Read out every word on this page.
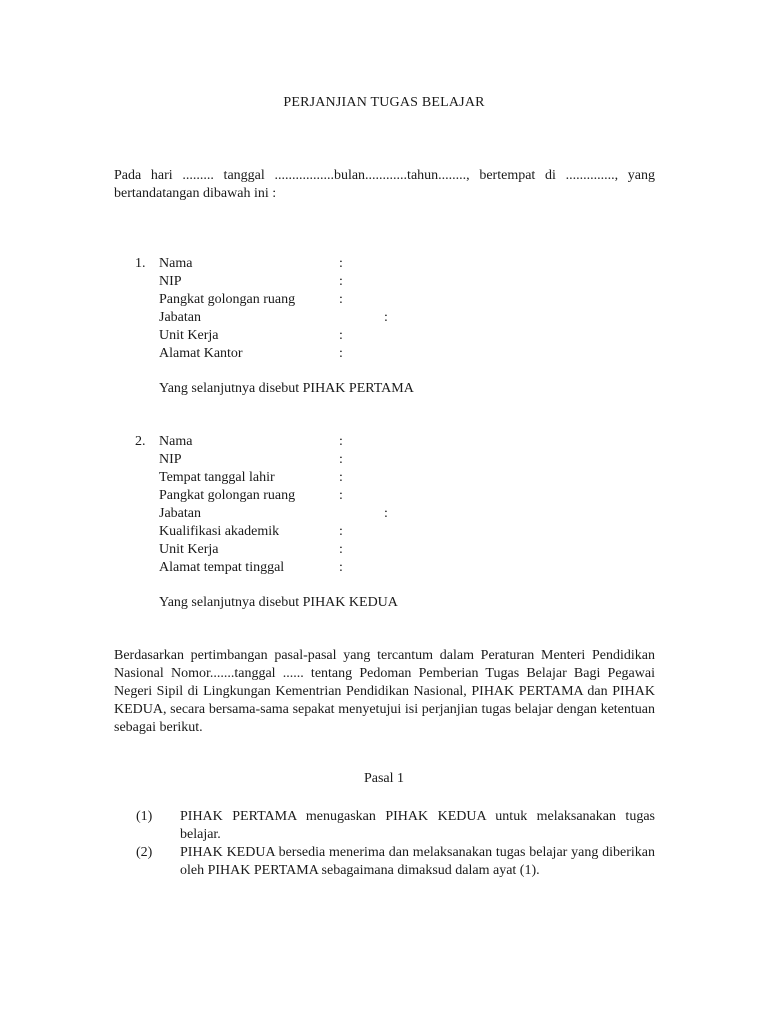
PERJANJIAN TUGAS BELAJAR
Pada hari ......... tanggal .................bulan............tahun........, bertempat di .............., yang bertandatangan dibawah ini :
1. Nama	:
NIP	:
Pangkat golongan ruang	:
Jabatan	:
Unit Kerja	:
Alamat Kantor	:
Yang selanjutnya disebut PIHAK PERTAMA
2. Nama	:
NIP	:
Tempat tanggal lahir	:
Pangkat golongan ruang	:
Jabatan	:
Kualifikasi akademik	:
Unit Kerja	:
Alamat tempat tinggal	:
Yang selanjutnya disebut PIHAK KEDUA
Berdasarkan pertimbangan pasal-pasal yang tercantum dalam Peraturan Menteri Pendidikan Nasional Nomor.......tanggal ...... tentang Pedoman Pemberian Tugas Belajar Bagi Pegawai Negeri Sipil di Lingkungan Kementrian Pendidikan Nasional, PIHAK PERTAMA dan PIHAK KEDUA, secara bersama-sama sepakat menyetujui isi perjanjian tugas belajar dengan ketentuan sebagai berikut.
Pasal 1
(1) PIHAK PERTAMA menugaskan PIHAK KEDUA untuk melaksanakan tugas belajar.
(2) PIHAK KEDUA bersedia menerima dan melaksanakan tugas belajar yang diberikan oleh PIHAK PERTAMA sebagaimana dimaksud dalam ayat (1).
